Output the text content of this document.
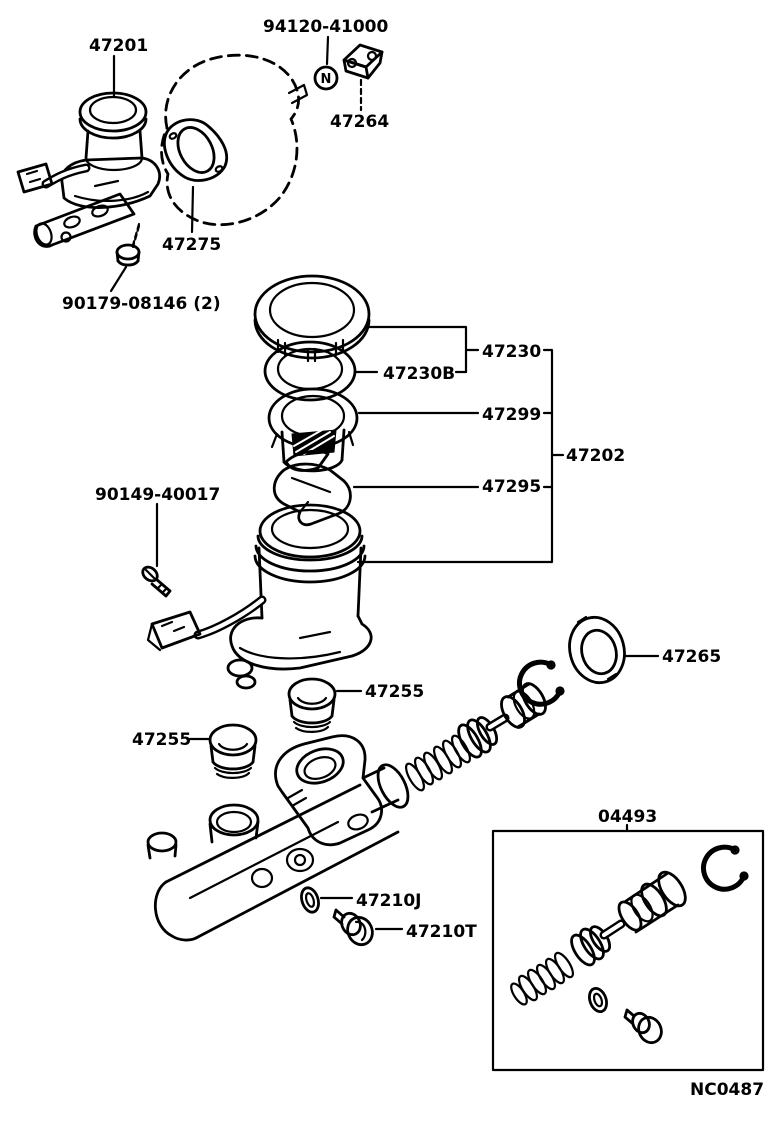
N
47201
94120-41000
47264
47275
90179-08146 (2)
47230
47230B
47299
47202
47295
90149-40017
47265
47255
47255
04493
47210J
47210T
NC0487
